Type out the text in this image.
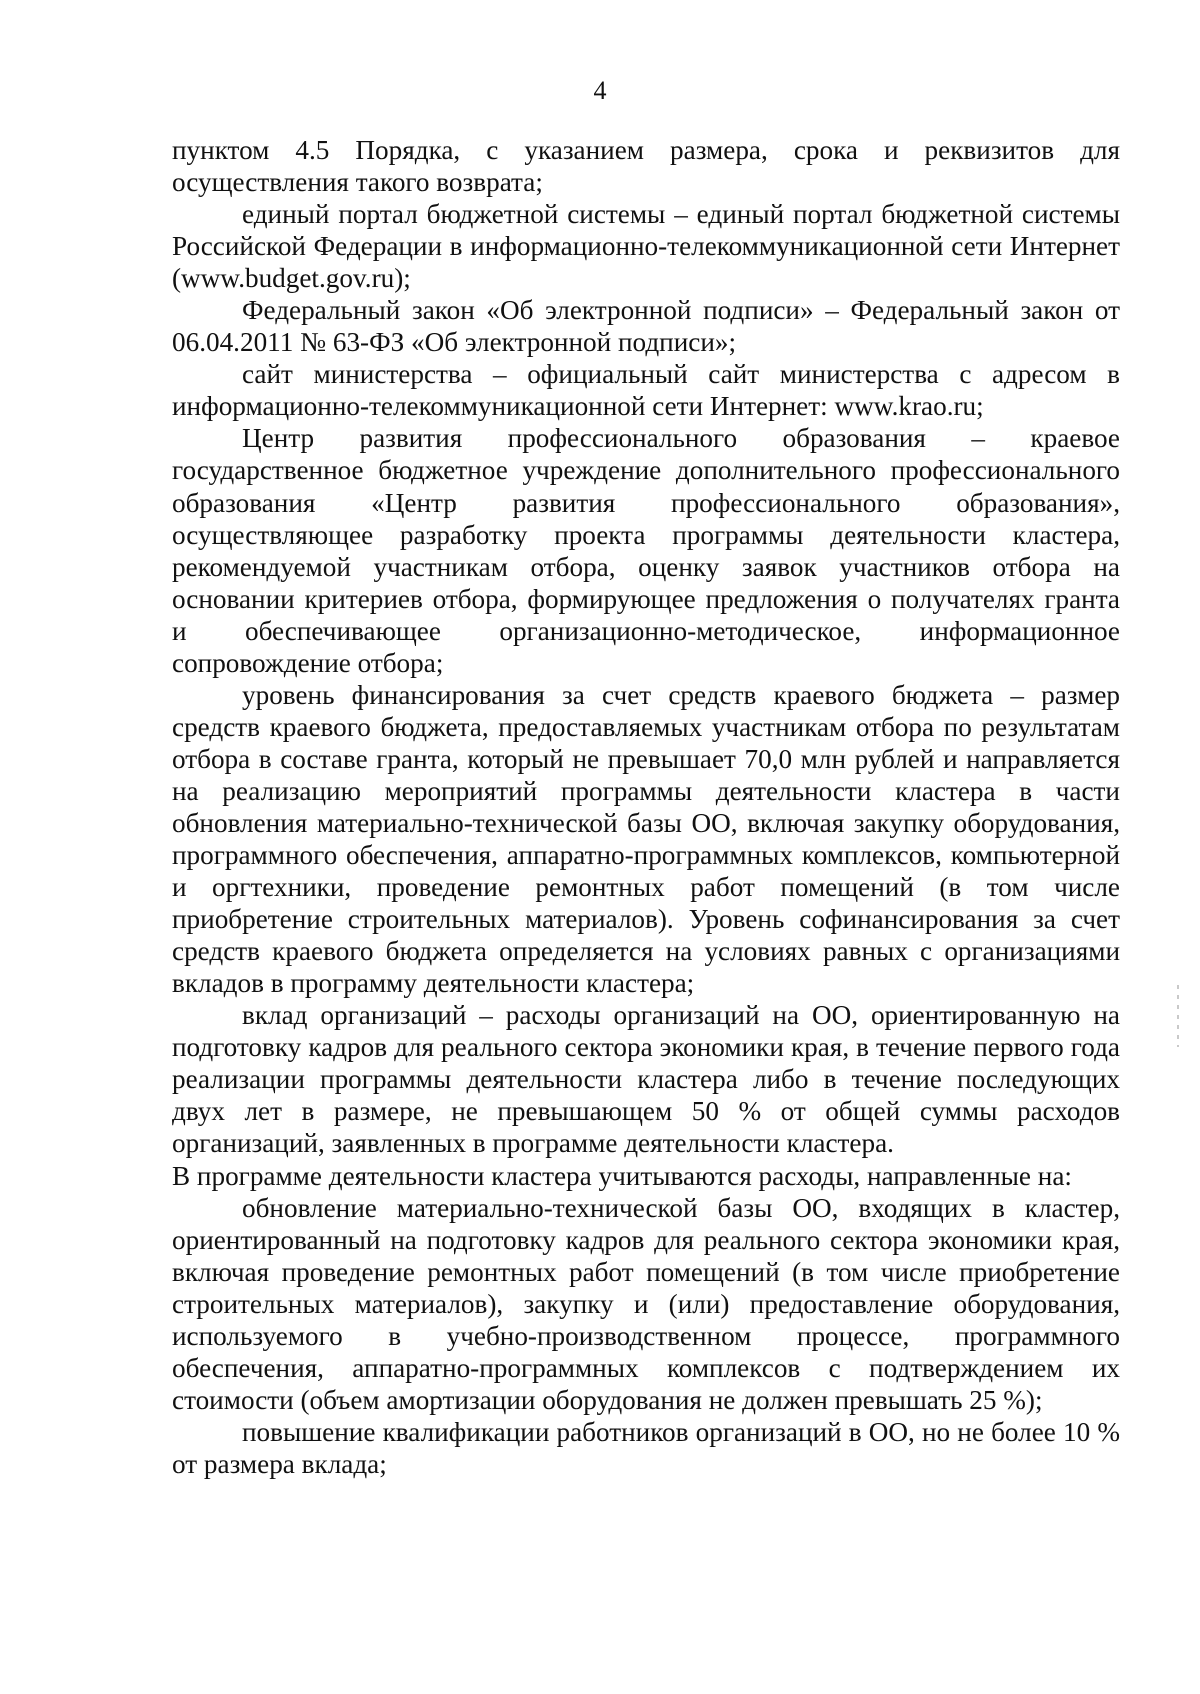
4

пунктом 4.5 Порядка, с указанием размера, срока и реквизитов для осуществления такого возврата;

единый портал бюджетной системы – единый портал бюджетной системы Российской Федерации в информационно-телекоммуникационной сети Интернет (www.budget.gov.ru);

Федеральный закон «Об электронной подписи» – Федеральный закон от 06.04.2011 № 63-ФЗ «Об электронной подписи»;

сайт министерства – официальный сайт министерства с адресом в информационно-телекоммуникационной сети Интернет: www.krao.ru;

Центр развития профессионального образования – краевое государственное бюджетное учреждение дополнительного профессионального образования «Центр развития профессионального образования», осуществляющее разработку проекта программы деятельности кластера, рекомендуемой участникам отбора, оценку заявок участников отбора на основании критериев отбора, формирующее предложения о получателях гранта и обеспечивающее организационно-методическое, информационное сопровождение отбора;

уровень финансирования за счет средств краевого бюджета – размер средств краевого бюджета, предоставляемых участникам отбора по результатам отбора в составе гранта, который не превышает 70,0 млн рублей и направляется на реализацию мероприятий программы деятельности кластера в части обновления материально-технической базы ОО, включая закупку оборудования, программного обеспечения, аппаратно-программных комплексов, компьютерной и оргтехники, проведение ремонтных работ помещений (в том числе приобретение строительных материалов). Уровень софинансирования за счет средств краевого бюджета определяется на условиях равных с организациями вкладов в программу деятельности кластера;

вклад организаций – расходы организаций на ОО, ориентированную на подготовку кадров для реального сектора экономики края, в течение первого года реализации программы деятельности кластера либо в течение последующих двух лет в размере, не превышающем 50 % от общей суммы расходов организаций, заявленных в программе деятельности кластера.

В программе деятельности кластера учитываются расходы, направленные на:

обновление материально-технической базы ОО, входящих в кластер, ориентированный на подготовку кадров для реального сектора экономики края, включая проведение ремонтных работ помещений (в том числе приобретение строительных материалов), закупку и (или) предоставление оборудования, используемого в учебно-производственном процессе, программного обеспечения, аппаратно-программных комплексов с подтверждением их стоимости (объем амортизации оборудования не должен превышать 25 %);

повышение квалификации работников организаций в ОО, но не более 10 % от размера вклада;
